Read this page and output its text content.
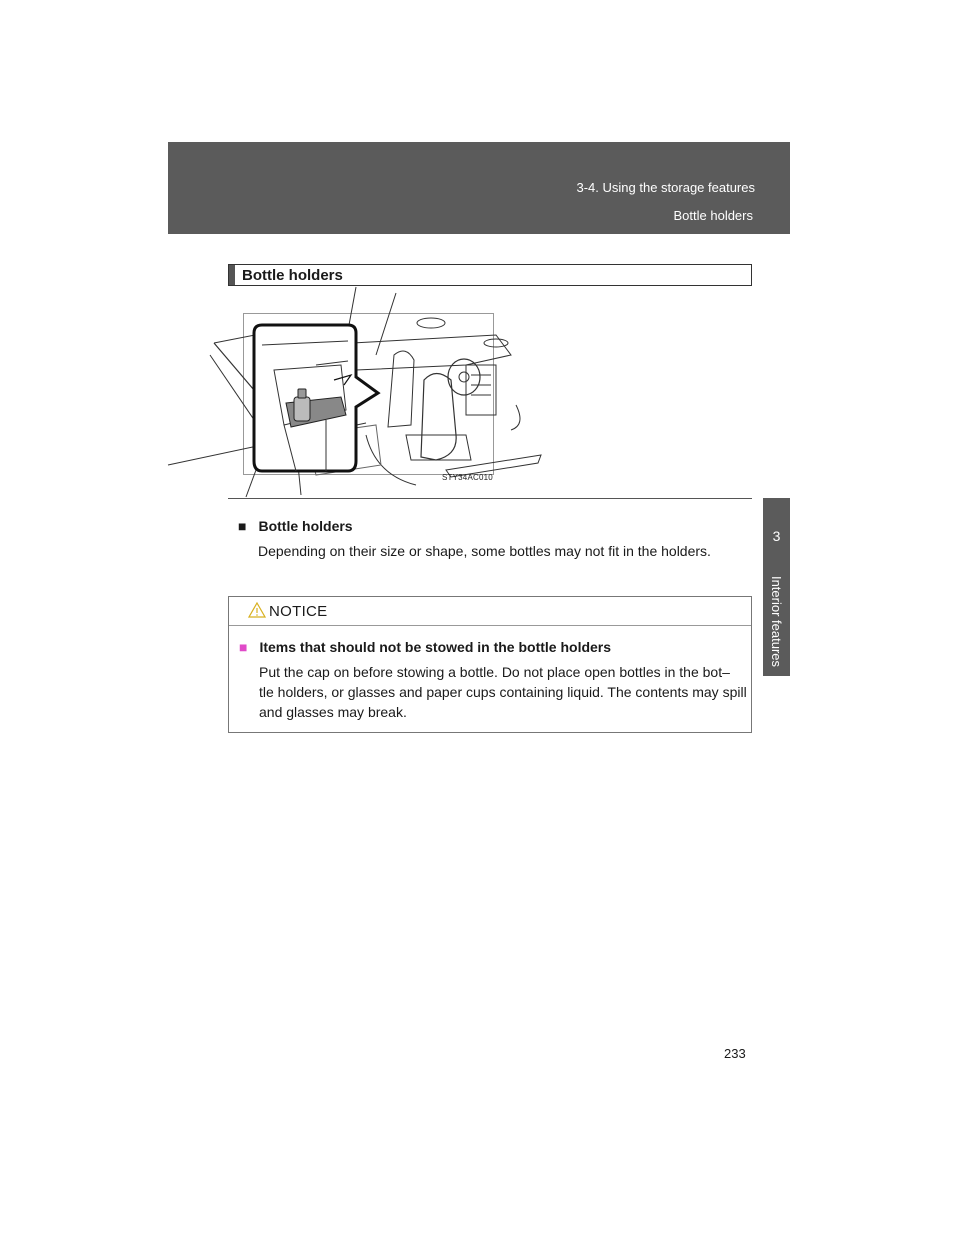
3-4. Using the storage features
Bottle holders
3
Interior features
Bottle holders
STY34AC010
■ Bottle holders
Depending on their size or shape, some bottles may not fit in the holders.
NOTICE
■ Items that should not be stowed in the bottle holders
Put the cap on before stowing a bottle. Do not place open bottles in the bot– tle holders, or glasses and paper cups containing liquid. The contents may spill and glasses may break.
233
